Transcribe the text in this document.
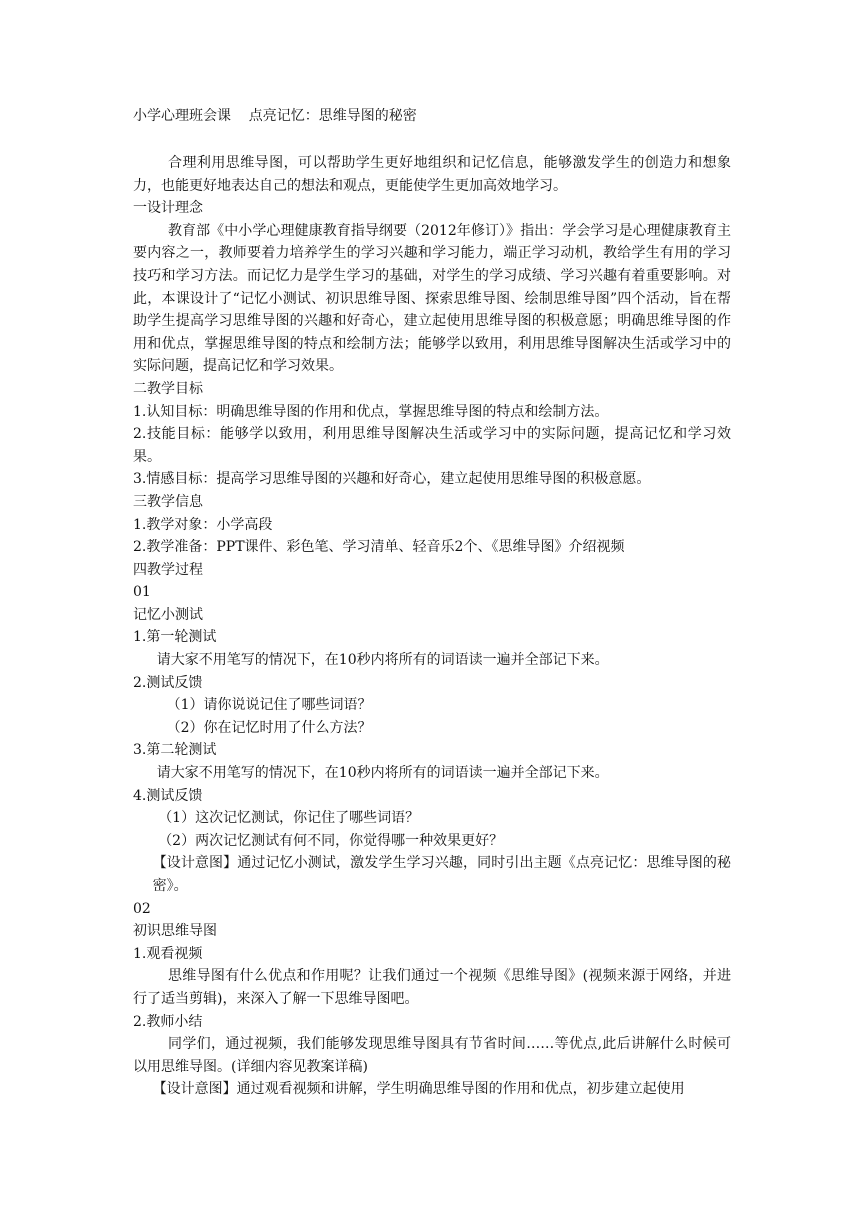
小学心理班会课    点亮记忆：思维导图的秘密

合理利用思维导图，可以帮助学生更好地组织和记忆信息，能够激发学生的创造力和想象力，也能更好地表达自己的想法和观点，更能使学生更加高效地学习。

一设计理念

教育部《中小学心理健康教育指导纲要（2012年修订）》指出：学会学习是心理健康教育主要内容之一，教师要着力培养学生的学习兴趣和学习能力，端正学习动机，教给学生有用的学习技巧和学习方法。而记忆力是学生学习的基础，对学生的学习成绩、学习兴趣有着重要影响。对此，本课设计了“记忆小测试、初识思维导图、探索思维导图、绘制思维导图”四个活动，旨在帮助学生提高学习思维导图的兴趣和好奇心，建立起使用思维导图的积极意愿；明确思维导图的作用和优点，掌握思维导图的特点和绘制方法；能够学以致用，利用思维导图解决生活或学习中的实际问题，提高记忆和学习效果。

二教学目标

1.认知目标：明确思维导图的作用和优点，掌握思维导图的特点和绘制方法。

2.技能目标：能够学以致用，利用思维导图解决生活或学习中的实际问题，提高记忆和学习效果。

3.情感目标：提高学习思维导图的兴趣和好奇心，建立起使用思维导图的积极意愿。

三教学信息

1.教学对象：小学高段

2.教学准备：PPT课件、彩色笔、学习清单、轻音乐2个、《思维导图》介绍视频

四教学过程

01

记忆小测试

1.第一轮测试

请大家不用笔写的情况下，在10秒内将所有的词语读一遍并全部记下来。

2.测试反馈

（1）请你说说记住了哪些词语？

（2）你在记忆时用了什么方法？

3.第二轮测试

请大家不用笔写的情况下，在10秒内将所有的词语读一遍并全部记下来。

4.测试反馈

（1）这次记忆测试，你记住了哪些词语？

（2）两次记忆测试有何不同，你觉得哪一种效果更好？

【设计意图】通过记忆小测试，激发学生学习兴趣，同时引出主题《点亮记忆：思维导图的秘密》。

02

初识思维导图

1.观看视频

思维导图有什么优点和作用呢？让我们通过一个视频《思维导图》(视频来源于网络，并进行了适当剪辑)，来深入了解一下思维导图吧。

2.教师小结

同学们，通过视频，我们能够发现思维导图具有节省时间……等优点,此后讲解什么时候可以用思维导图。(详细内容见教案详稿)

【设计意图】通过观看视频和讲解，学生明确思维导图的作用和优点，初步建立起使用
